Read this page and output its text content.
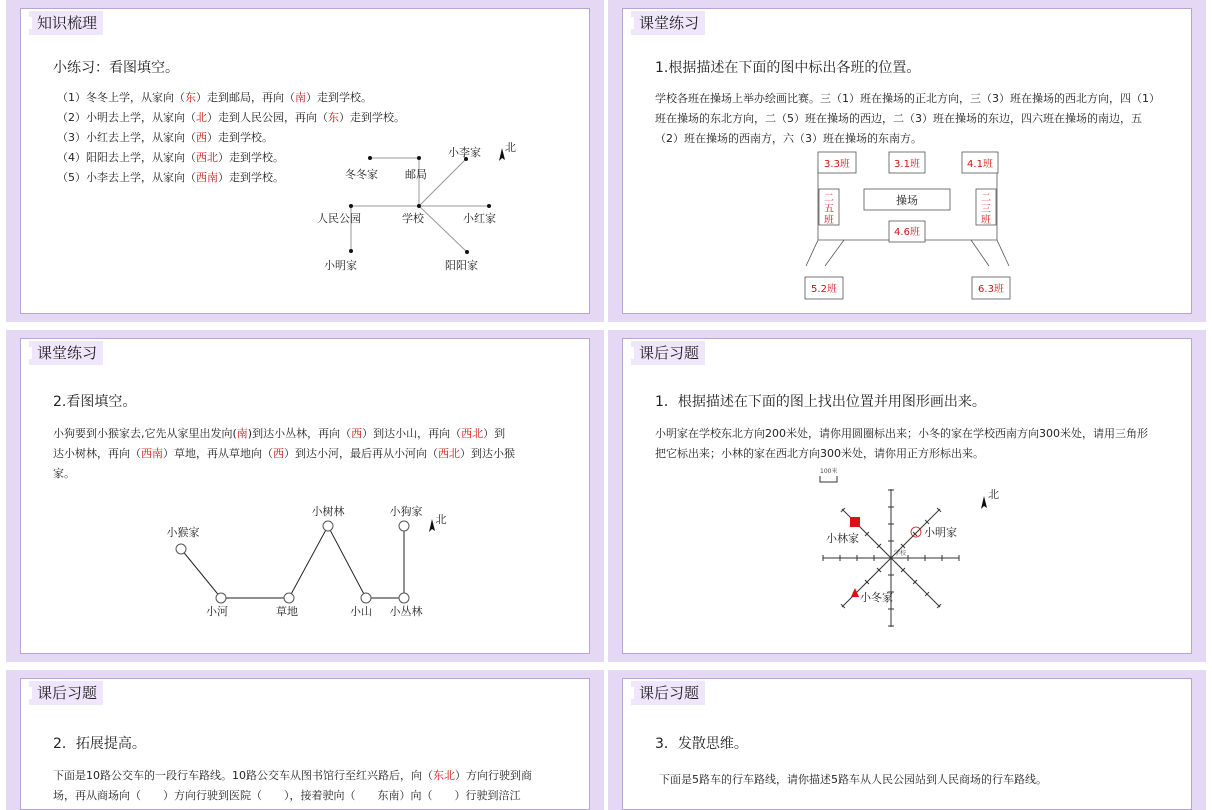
知识梳理
小练习：看图填空。
（1）冬冬上学，从家向（东）走到邮局，再向（南）走到学校。
（2）小明去上学，从家向（北）走到人民公园，再向（东）走到学校。
（3）小红去上学，从家向（西）走到学校。
（4）阳阳去上学，从家向（西北）走到学校。
（5）小李去上学，从家向（西南）走到学校。	冬冬家 邮局
小李家 北
人民公园	学校	小红家
小明家	阳阳家
课堂练习
1.根据描述在下面的图中标出各班的位置。
学校各班在操场上举办绘画比赛。三（1）班在操场的正北方向，三（3）班在操场的西北方向，四（1）班在操场的东北方向，二（5）班在操场的西边，二（3）班在操场的东边，四六班在操场的南边，五（2）班在操场的西南方，六（3）班在操场的东南方。
3.3班	3.1班	4.1班
二
五
班
二
三
班
4.6班
5.2班	6.3班
操场
课堂练习
2.看图填空。
小狗要到小猴家去,它先从家里出发向(南)到达小丛林，再向（西）到达小山，再向（西北）到
达小树林，再向（西南）草地，再从草地向（西）到达小河，最后再从小河向（西北）到达小猴
家。
小猴家
小河	草地
小树林
小山
小狗家
小丛林
北
课后习题
1．根据描述在下面的图上找出位置并用图形画出来。
小明家在学校东北方向200米处，请你用圆圈标出来；小冬的家在学校西南方向300米处，请用三角形
把它标出来；小林的家在西北方向300米处，请你用正方形标出来。
100米
北
小林家	小明家
小冬家
学校
课后习题
2．拓展提高。
下面是10路公交车的一段行车路线。10路公交车从图书馆行至红兴路后，向（东北）方向行驶到商
场，再从商场向（　　）方向行驶到医院（　　），接着驶向（　　东南）向（　　）行驶到涪江
课后习题
3．发散思维。
下面是5路车的行车路线，请你描述5路车从人民公园站到人民商场的行车路线。
